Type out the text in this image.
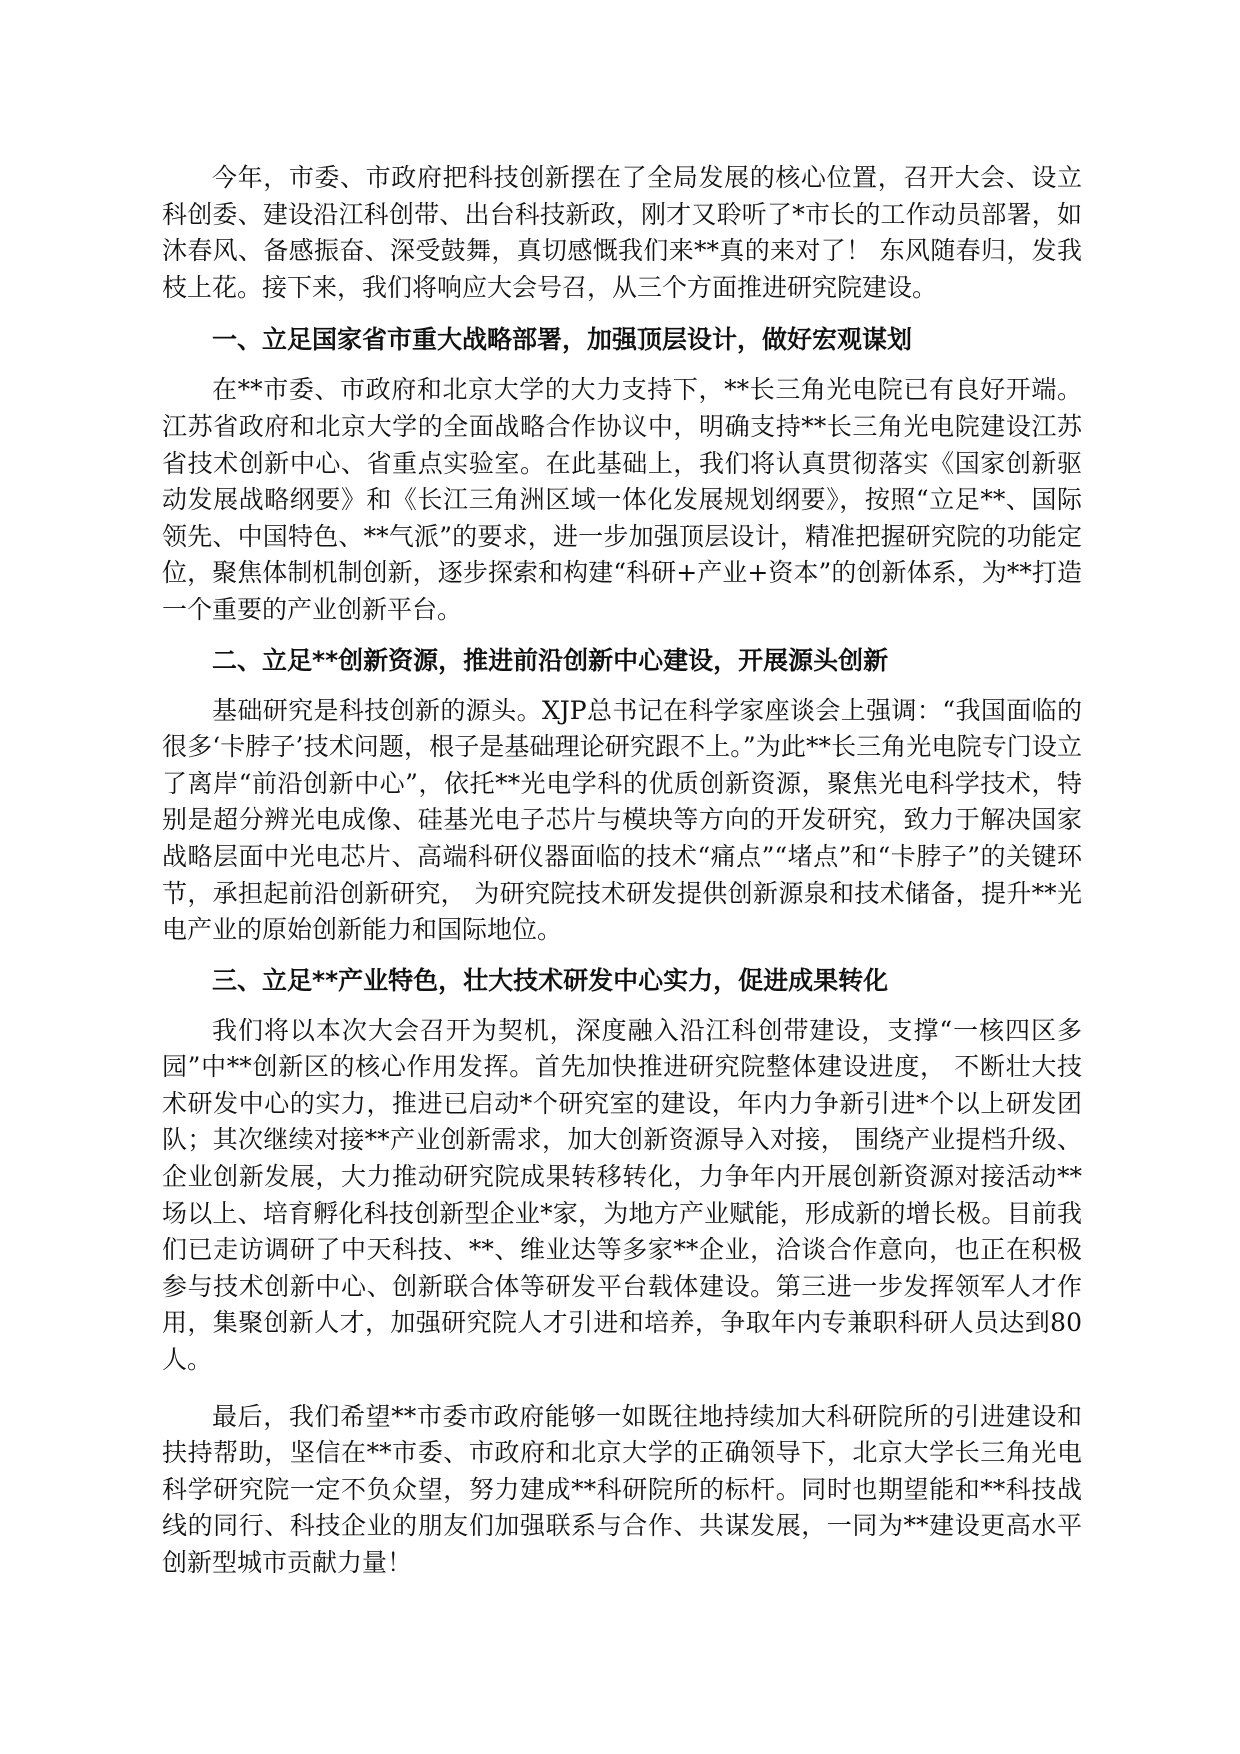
今年，市委、市政府把科技创新摆在了全局发展的核心位置，召开大会、设立科创委、建设沿江科创带、出台科技新政，刚才又聆听了*市长的工作动员部署，如沐春风、备感振奋、深受鼓舞，真切感慨我们来**真的来对了！ 东风随春归，发我枝上花。接下来，我们将响应大会号召，从三个方面推进研究院建设。

一、立足国家省市重大战略部署，加强顶层设计，做好宏观谋划

在**市委、市政府和北京大学的大力支持下，**长三角光电院已有良好开端。江苏省政府和北京大学的全面战略合作协议中，明确支持**长三角光电院建设江苏省技术创新中心、省重点实验室。在此基础上，我们将认真贯彻落实《国家创新驱动发展战略纲要》和《长江三角洲区域一体化发展规划纲要》，按照“立足**、国际领先、中国特色、**气派”的要求，进一步加强顶层设计，精准把握研究院的功能定位，聚焦体制机制创新，逐步探索和构建“科研+产业+资本”的创新体系，为**打造一个重要的产业创新平台。

二、立足**创新资源，推进前沿创新中心建设，开展源头创新

基础研究是科技创新的源头。XJP总书记在科学家座谈会上强调：“我国面临的很多‘卡脖子’技术问题，根子是基础理论研究跟不上。”为此**长三角光电院专门设立了离岸“前沿创新中心”，依托**光电学科的优质创新资源，聚焦光电科学技术，特别是超分辨光电成像、硅基光电子芯片与模块等方向的开发研究，致力于解决国家战略层面中光电芯片、高端科研仪器面临的技术“痛点”“堵点”和“卡脖子”的关键环节，承担起前沿创新研究， 为研究院技术研发提供创新源泉和技术储备，提升**光电产业的原始创新能力和国际地位。

三、立足**产业特色，壮大技术研发中心实力，促进成果转化

我们将以本次大会召开为契机，深度融入沿江科创带建设，支撑“一核四区多园”中**创新区的核心作用发挥。首先加快推进研究院整体建设进度， 不断壮大技术研发中心的实力，推进已启动*个研究室的建设，年内力争新引进*个以上研发团队；其次继续对接**产业创新需求，加大创新资源导入对接， 围绕产业提档升级、企业创新发展，大力推动研究院成果转移转化，力争年内开展创新资源对接活动**场以上、培育孵化科技创新型企业*家，为地方产业赋能，形成新的增长极。目前我们已走访调研了中天科技、**、维业达等多家**企业，洽谈合作意向，也正在积极参与技术创新中心、创新联合体等研发平台载体建设。第三进一步发挥领军人才作用，集聚创新人才，加强研究院人才引进和培养，争取年内专兼职科研人员达到80人。

最后，我们希望**市委市政府能够一如既往地持续加大科研院所的引进建设和扶持帮助，坚信在**市委、市政府和北京大学的正确领导下，北京大学长三角光电科学研究院一定不负众望，努力建成**科研院所的标杆。同时也期望能和**科技战线的同行、科技企业的朋友们加强联系与合作、共谋发展，一同为**建设更高水平创新型城市贡献力量！
